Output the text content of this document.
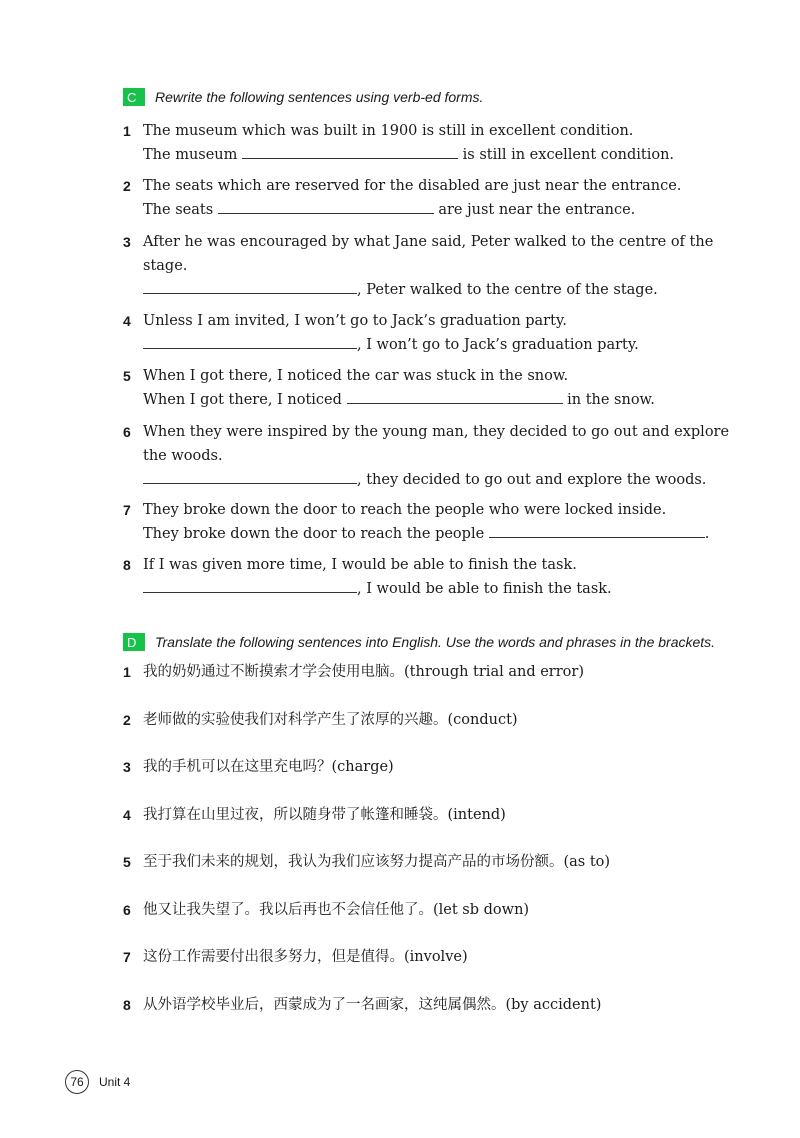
C	Rewrite the following sentences using verb-ed forms.
1 The museum which was built in 1900 is still in excellent condition.
The museum	is still in excellent condition.
2 The seats which are reserved for the disabled are just near the entrance.
The seats	are just near the entrance.
3 After he was encouraged by what Jane said, Peter walked to the centre of the
stage.
, Peter walked to the centre of the stage.
4 Unless I am invited, I won’t go to Jack’s graduation party.
, I won’t go to Jack’s graduation party.
5 When I got there, I noticed the car was stuck in the snow.
When I got there, I noticed	in the snow.
6 When they were inspired by the young man, they decided to go out and explore
the woods.
, they decided to go out and explore the woods.
7 They broke down the door to reach the people who were locked inside.
They broke down the door to reach the people	.
8 If I was given more time, I would be able to finish the task.
, I would be able to finish the task.
D	Translate the following sentences into English. Use the words and phrases in the brackets.
1 我的奶奶通过不断摸索才学会使用电脑。(through trial and error)
2 老师做的实验使我们对科学产生了浓厚的兴趣。(conduct)
3 我的手机可以在这里充电吗？(charge)
4 我打算在山里过夜，所以随身带了帐篷和睡袋。(intend)
5 至于我们未来的规划，我认为我们应该努力提高产品的市场份额。(as to)
6 他又让我失望了。我以后再也不会信任他了。(let sb down)
7 这份工作需要付出很多努力，但是值得。(involve)
8 从外语学校毕业后，西蒙成为了一名画家，这纯属偶然。(by accident)
76	Unit 4
